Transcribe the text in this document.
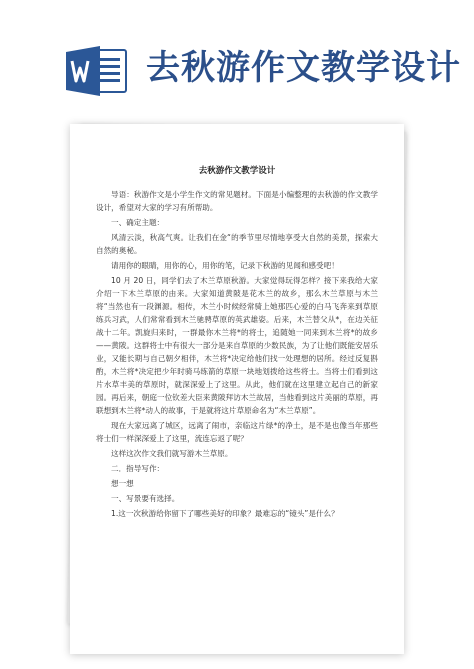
去秋游作文教学设计
去秋游作文教学设计

导语：秋游作文是小学生作文的常见题材。下面是小编整理的去秋游的作文教学设计，希望对大家的学习有所帮助。

一、确定主题：

风清云淡，秋高气爽。让我们在金“的季节里尽情地享受大自然的美景，探索大自然的奥秘。

请用你的眼睛，用你的心，用你的笔，记录下秋游的见闻和感受吧！

10 月 20 日，同学们去了木兰草原秋游。大家觉得玩得怎样？接下来我给大家介绍一下木兰草原的由来。大家知道黄陂是花木兰的故乡，那么木兰草原与木兰将“当然也有一段渊源。相传，木兰小时候经常骑上她那匹心爱的白马飞奔来到草原练兵习武，人们常常看到木兰驰骋草原的英武雄姿。后来，木兰替父从*，在边关征战十二年。凯旋归来时，一群最你木兰将*的将士，追随她一同来到木兰将*的故乡——黄陂。这群将士中有很大一部分是来自草原的少数民族，为了让他们既能安居乐业，又能长期与自己朝夕相伴，木兰将*决定给他们找一处理想的居所。经过反复斟酌，木兰将*决定把少年时骑马练箭的草原一块地划拨给这些将士。当将士们看到这片水草丰美的草原时，就深深爱上了这里。从此，他们就在这里建立起自己的新家园。再后来，朝庭一位钦差大臣来黄陂拜访木兰故居，当他看到这片美丽的草原，再联想到木兰将*动人的故事，于是就将这片草原命名为“木兰草原”。

现在大家远离了城区，远离了闹市，亲临这片绿*的净土，是不是也像当年那些将士们一样深深爱上了这里，流连忘返了呢？

这样这次作文我们就写游木兰草原。

二．指导写作：

想一想

一、写景要有选择。

1.这一次秋游给你留下了哪些美好的印象？最难忘的“镜头”是什么？
